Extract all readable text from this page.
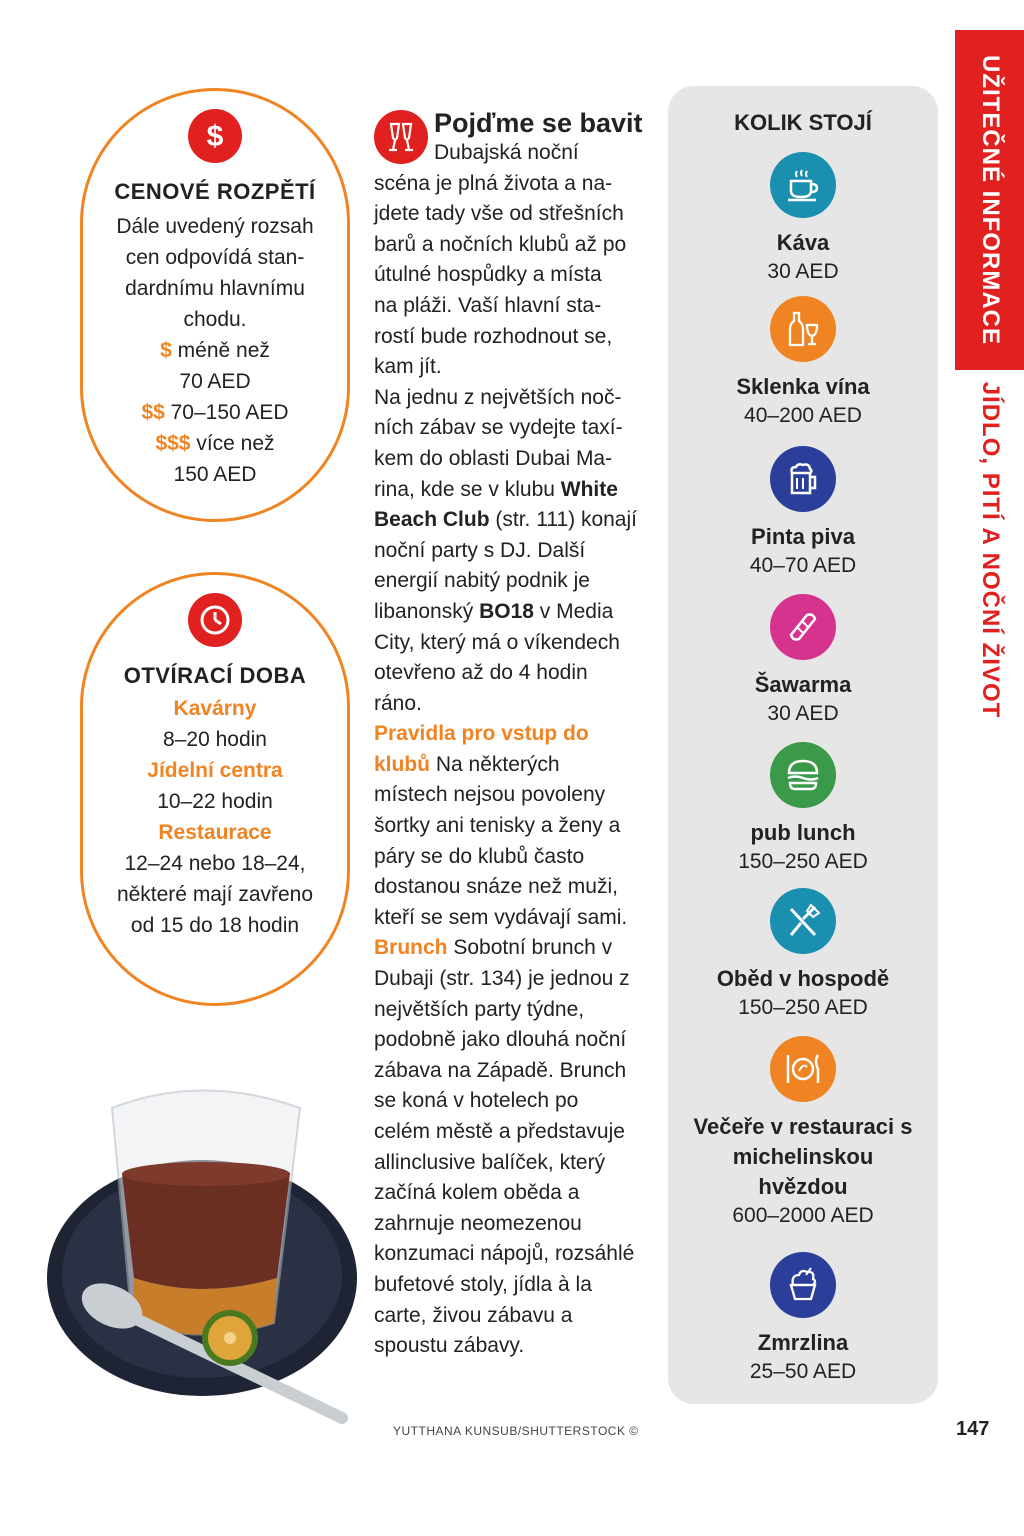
UŽITEČNÉ INFORMACE
JÍDLO, PITÍ A NOČNÍ ŽIVOT
$
CENOVÉ ROZPĚTÍ

Dále uvedený rozsah
cen odpovídá stan-
dardnímu hlavnímu
chodu.
$ méně než
70 AED
$$ 70–150 AED
$$$ více než
150 AED

OTVÍRACÍ DOBA

Kavárny
8–20 hodin
Jídelní centra
10–22 hodin
Restaurace
12–24 nebo 18–24,
některé mají zavřeno
od 15 do 18 hodin

Pojďme se bavit
Dubajská noční
scéna je plná života a na-
jdete tady vše od střešních
barů a nočních klubů až po
útulné hospůdky a místa
na pláži. Vaší hlavní sta-
rostí bude rozhodnout se,
kam jít.
Na jednu z největších noč-
ních zábav se vydejte taxí-
kem do oblasti Dubai Ma-
rina, kde se v klubu White Beach Club (str. 111) konají
noční party s DJ. Další
energií nabitý podnik je
libanonský BO18 v Media
City, který má o víkendech
otevřeno až do 4 hodin
ráno.
Pravidla pro vstup do klubů Na některých místech nejsou povoleny šortky ani tenisky a ženy a páry se do klubů často dostanou snáze než muži, kteří se sem vydávají sami.
Brunch Sobotní brunch v Dubaji (str. 134) je jednou z největších party týdne, podobně jako dlouhá noční zábava na Západě. Brunch se koná v hotelech po celém městě a představuje allinclusive balíček, který začíná kolem oběda a zahrnuje neomezenou konzumaci nápojů, rozsáhlé bufetové stoly, jídla à la carte, živou zábavu a spoustu zábavy.
KOLIK STOJÍ
Káva
30 AED
Sklenka vína
40–200 AED
Pinta piva
40–70 AED
Šawarma
30 AED
pub lunch
150–250 AED
Oběd v hospodě
150–250 AED
Večeře v restauraci s michelinskou hvězdou
600–2000 AED
Zmrzlina
25–50 AED
YUTTHANA KUNSUB/SHUTTERSTOCK ©	147
